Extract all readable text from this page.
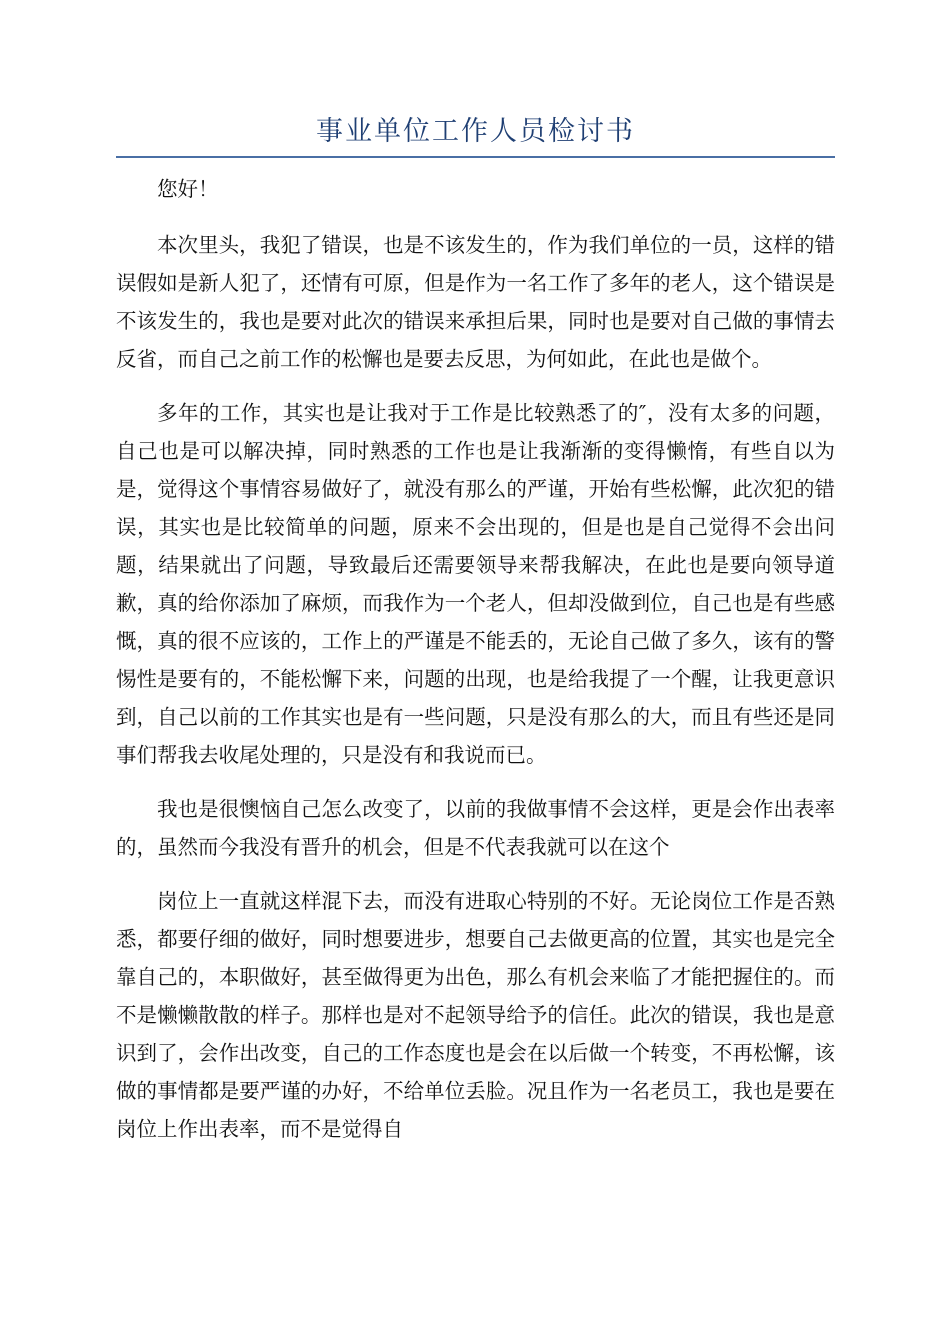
事业单位工作人员检讨书

您好！

本次里头，我犯了错误，也是不该发生的，作为我们单位的一员，这样的错误假如是新人犯了，还情有可原，但是作为一名工作了多年的老人，这个错误是不该发生的，我也是要对此次的错误来承担后果，同时也是要对自己做的事情去反省，而自己之前工作的松懈也是要去反思，为何如此，在此也是做个。

多年的工作，其实也是让我对于工作是比较熟悉了的″，没有太多的问题，自己也是可以解决掉，同时熟悉的工作也是让我渐渐的变得懒惰，有些自以为是，觉得这个事情容易做好了，就没有那么的严谨，开始有些松懈，此次犯的错误，其实也是比较简单的问题，原来不会出现的，但是也是自己觉得不会出问题，结果就出了问题，导致最后还需要领导来帮我解决，在此也是要向领导道歉，真的给你添加了麻烦，而我作为一个老人，但却没做到位，自己也是有些感慨，真的很不应该的，工作上的严谨是不能丢的，无论自己做了多久，该有的警惕性是要有的，不能松懈下来，问题的出现，也是给我提了一个醒，让我更意识到，自己以前的工作其实也是有一些问题，只是没有那么的大，而且有些还是同事们帮我去收尾处理的，只是没有和我说而已。

我也是很懊恼自己怎么改变了，以前的我做事情不会这样，更是会作出表率的，虽然而今我没有晋升的机会，但是不代表我就可以在这个

岗位上一直就这样混下去，而没有进取心特别的不好。无论岗位工作是否熟悉，都要仔细的做好，同时想要进步，想要自己去做更高的位置，其实也是完全靠自己的，本职做好，甚至做得更为出色，那么有机会来临了才能把握住的。而不是懒懒散散的样子。那样也是对不起领导给予的信任。此次的错误，我也是意识到了，会作出改变，自己的工作态度也是会在以后做一个转变，不再松懈，该做的事情都是要严谨的办好，不给单位丢脸。况且作为一名老员工，我也是要在岗位上作出表率，而不是觉得自
